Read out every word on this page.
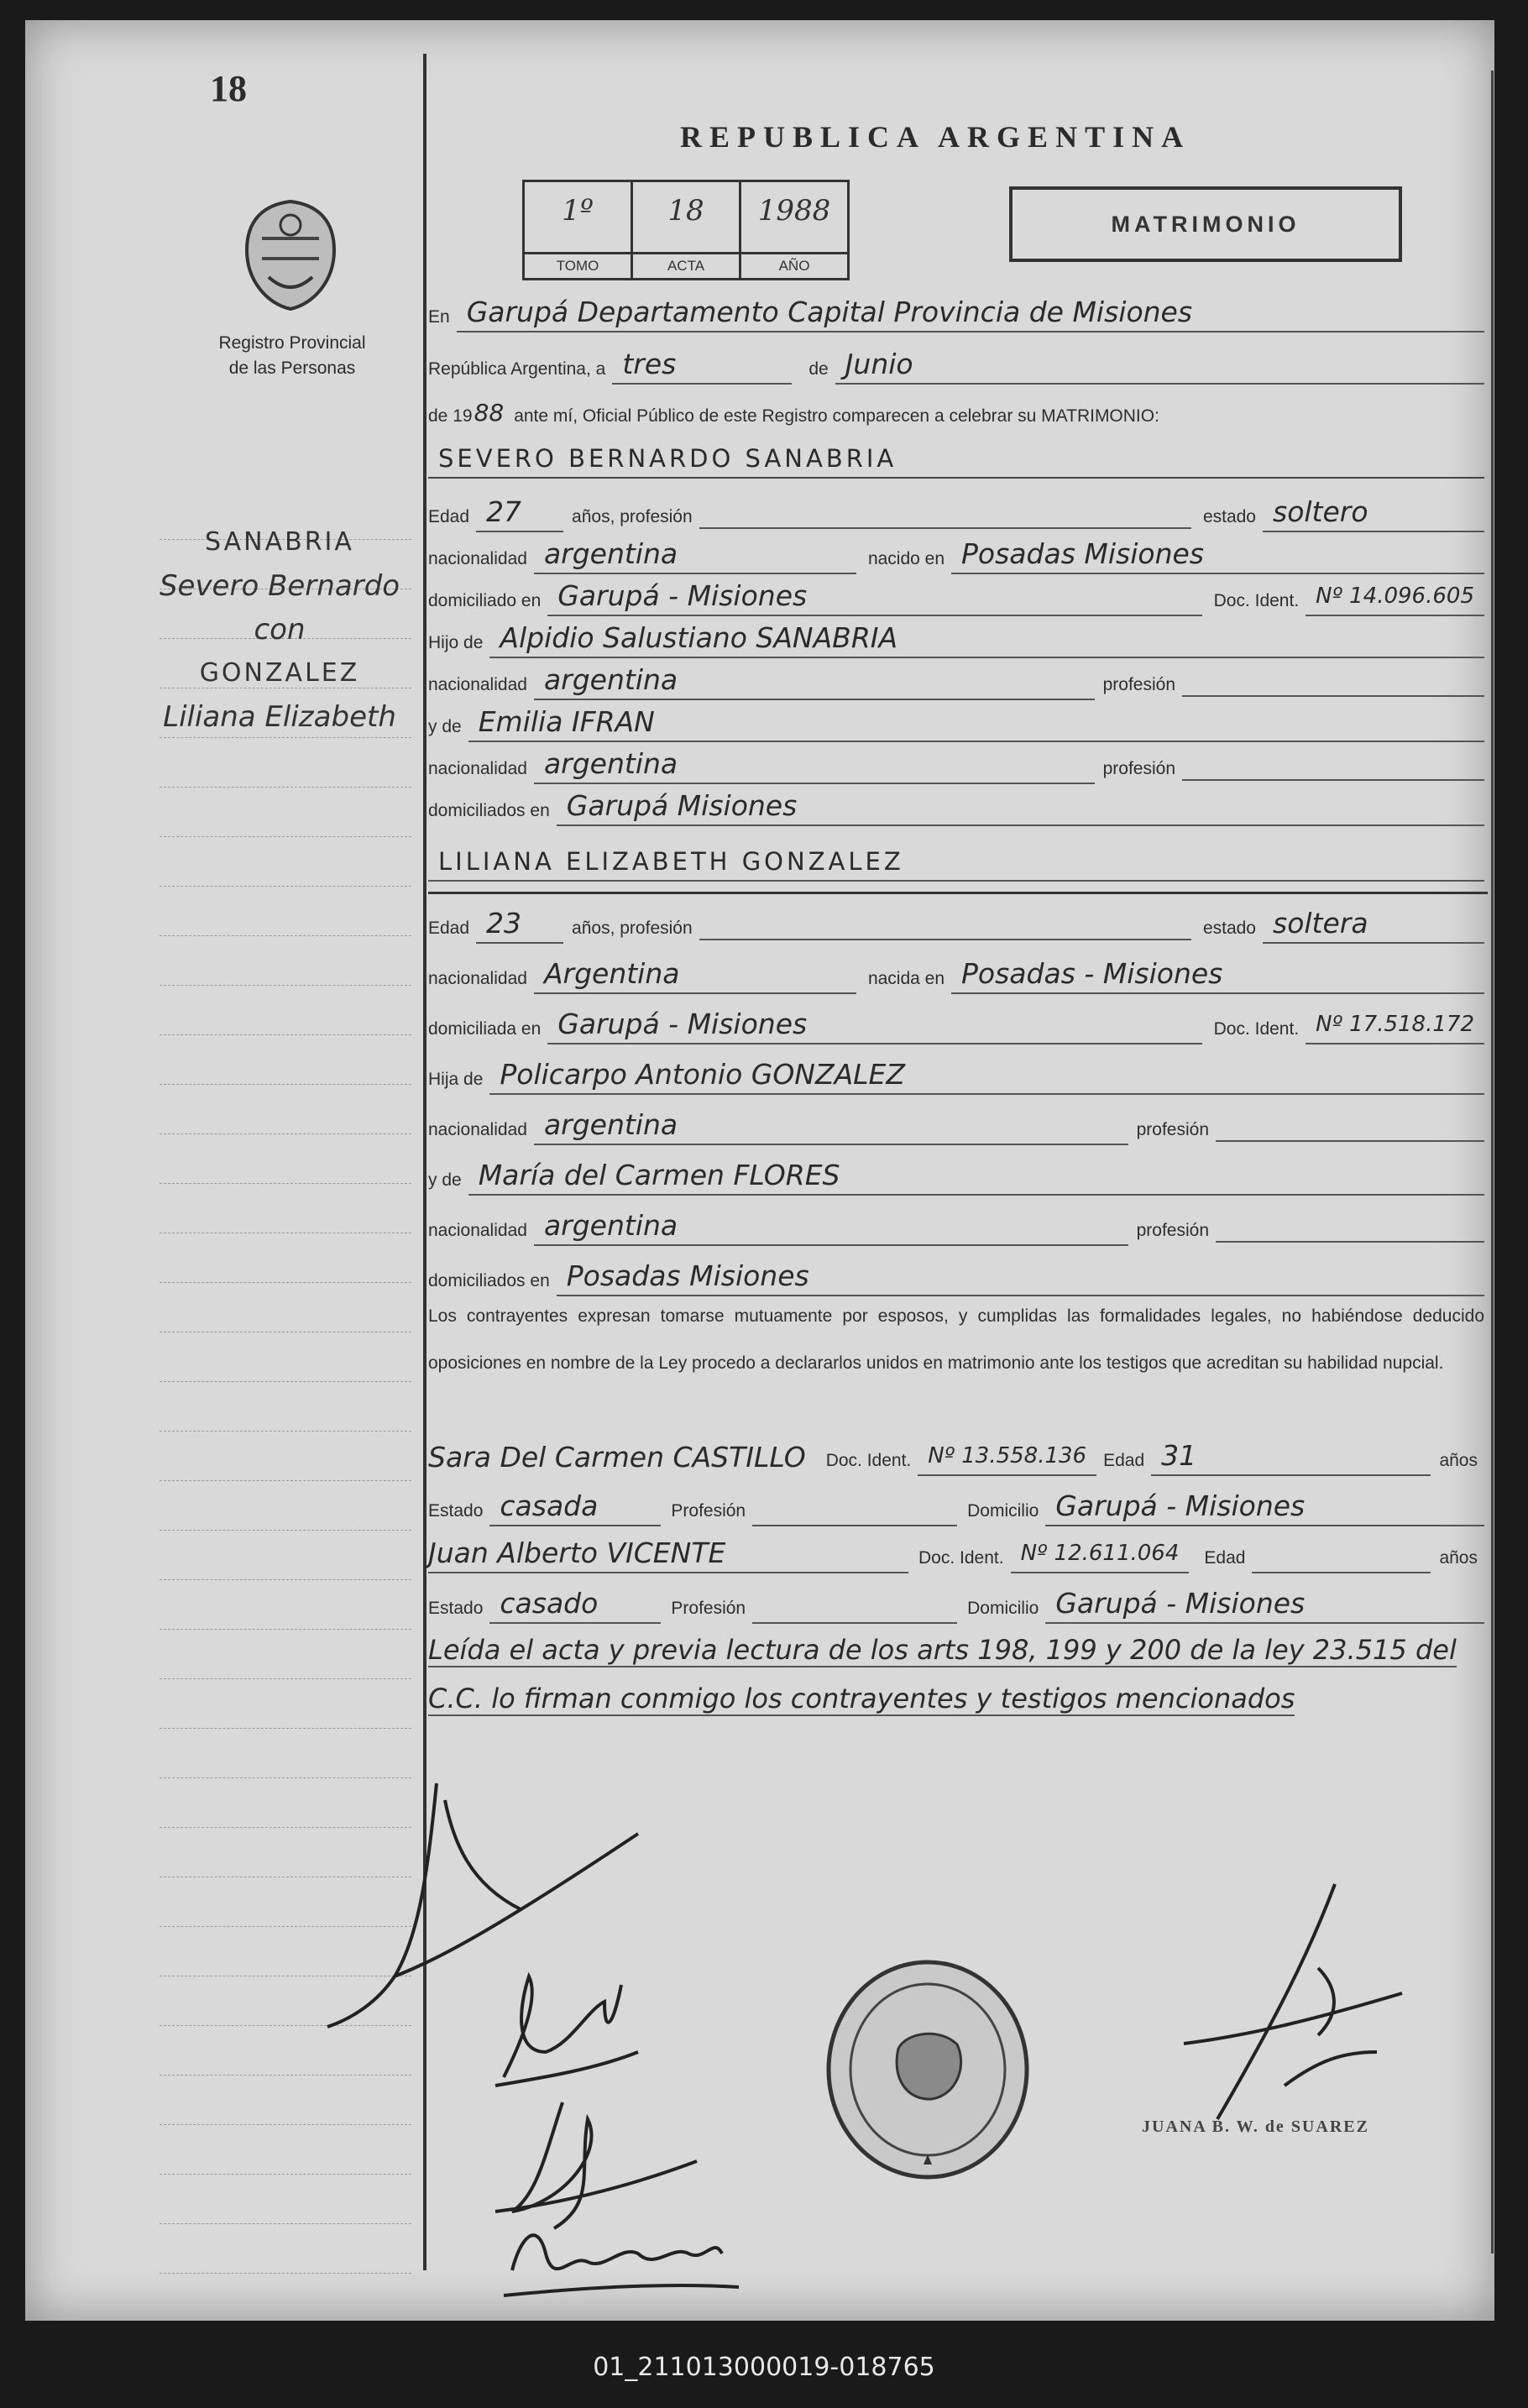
18
Registro Provincial
de las Personas
SANABRIA
Severo Bernardo
con
GONZALEZ
Liliana Elizabeth
REPUBLICA ARGENTINA
1º
TOMO
18
ACTA
1988
AÑO
MATRIMONIO
En Garupá Departamento Capital Provincia de Misiones
República Argentina, a tres	de Junio
de 19 88 ante mí, Oficial Público de este Registro comparecen a celebrar su MATRIMONIO:
SEVERO BERNARDO SANABRIA
Edad 27	años, profesión	estado soltero
nacionalidad argentina	nacido en Posadas Misiones
domiciliado en Garupá - Misiones	Doc. Ident. Nº 14.096.605
Hijo de Alpidio Salustiano SANABRIA
nacionalidad argentina	profesión
y de Emilia IFRAN
nacionalidad argentina	profesión
domiciliados en Garupá Misiones
LILIANA ELIZABETH GONZALEZ
Edad 23	años, profesión	estado soltera
nacionalidad Argentina	nacida en Posadas - Misiones
domiciliada en Garupá - Misiones	Doc. Ident. Nº 17.518.172
Hija de Policarpo Antonio GONZALEZ
nacionalidad argentina	profesión
y de María del Carmen FLORES
nacionalidad argentina	profesión
domiciliados en Posadas Misiones
Los contrayentes expresan tomarse mutuamente por esposos, y cumplidas las formalidades legales, no habiéndose deducido oposiciones en nombre de la Ley procedo a declararlos unidos en matrimonio ante los testigos que acreditan su habilidad nupcial.
Sara Del Carmen CASTILLO	Doc. Ident. Nº 13.558.136 Edad 31	años
Estado casada	Profesión	Domicilio Garupá - Misiones
Juan Alberto VICENTE	Doc. Ident. Nº 12.611.064	Edad	años
Estado casado	Profesión	Domicilio Garupá - Misiones
Leída el acta y previa lectura de los arts 198, 199 y 200 de la ley 23.515 del C.C. lo firman conmigo los contrayentes y testigos mencionados
JUANA B. W. de SUAREZ
01_211013000019-018765
